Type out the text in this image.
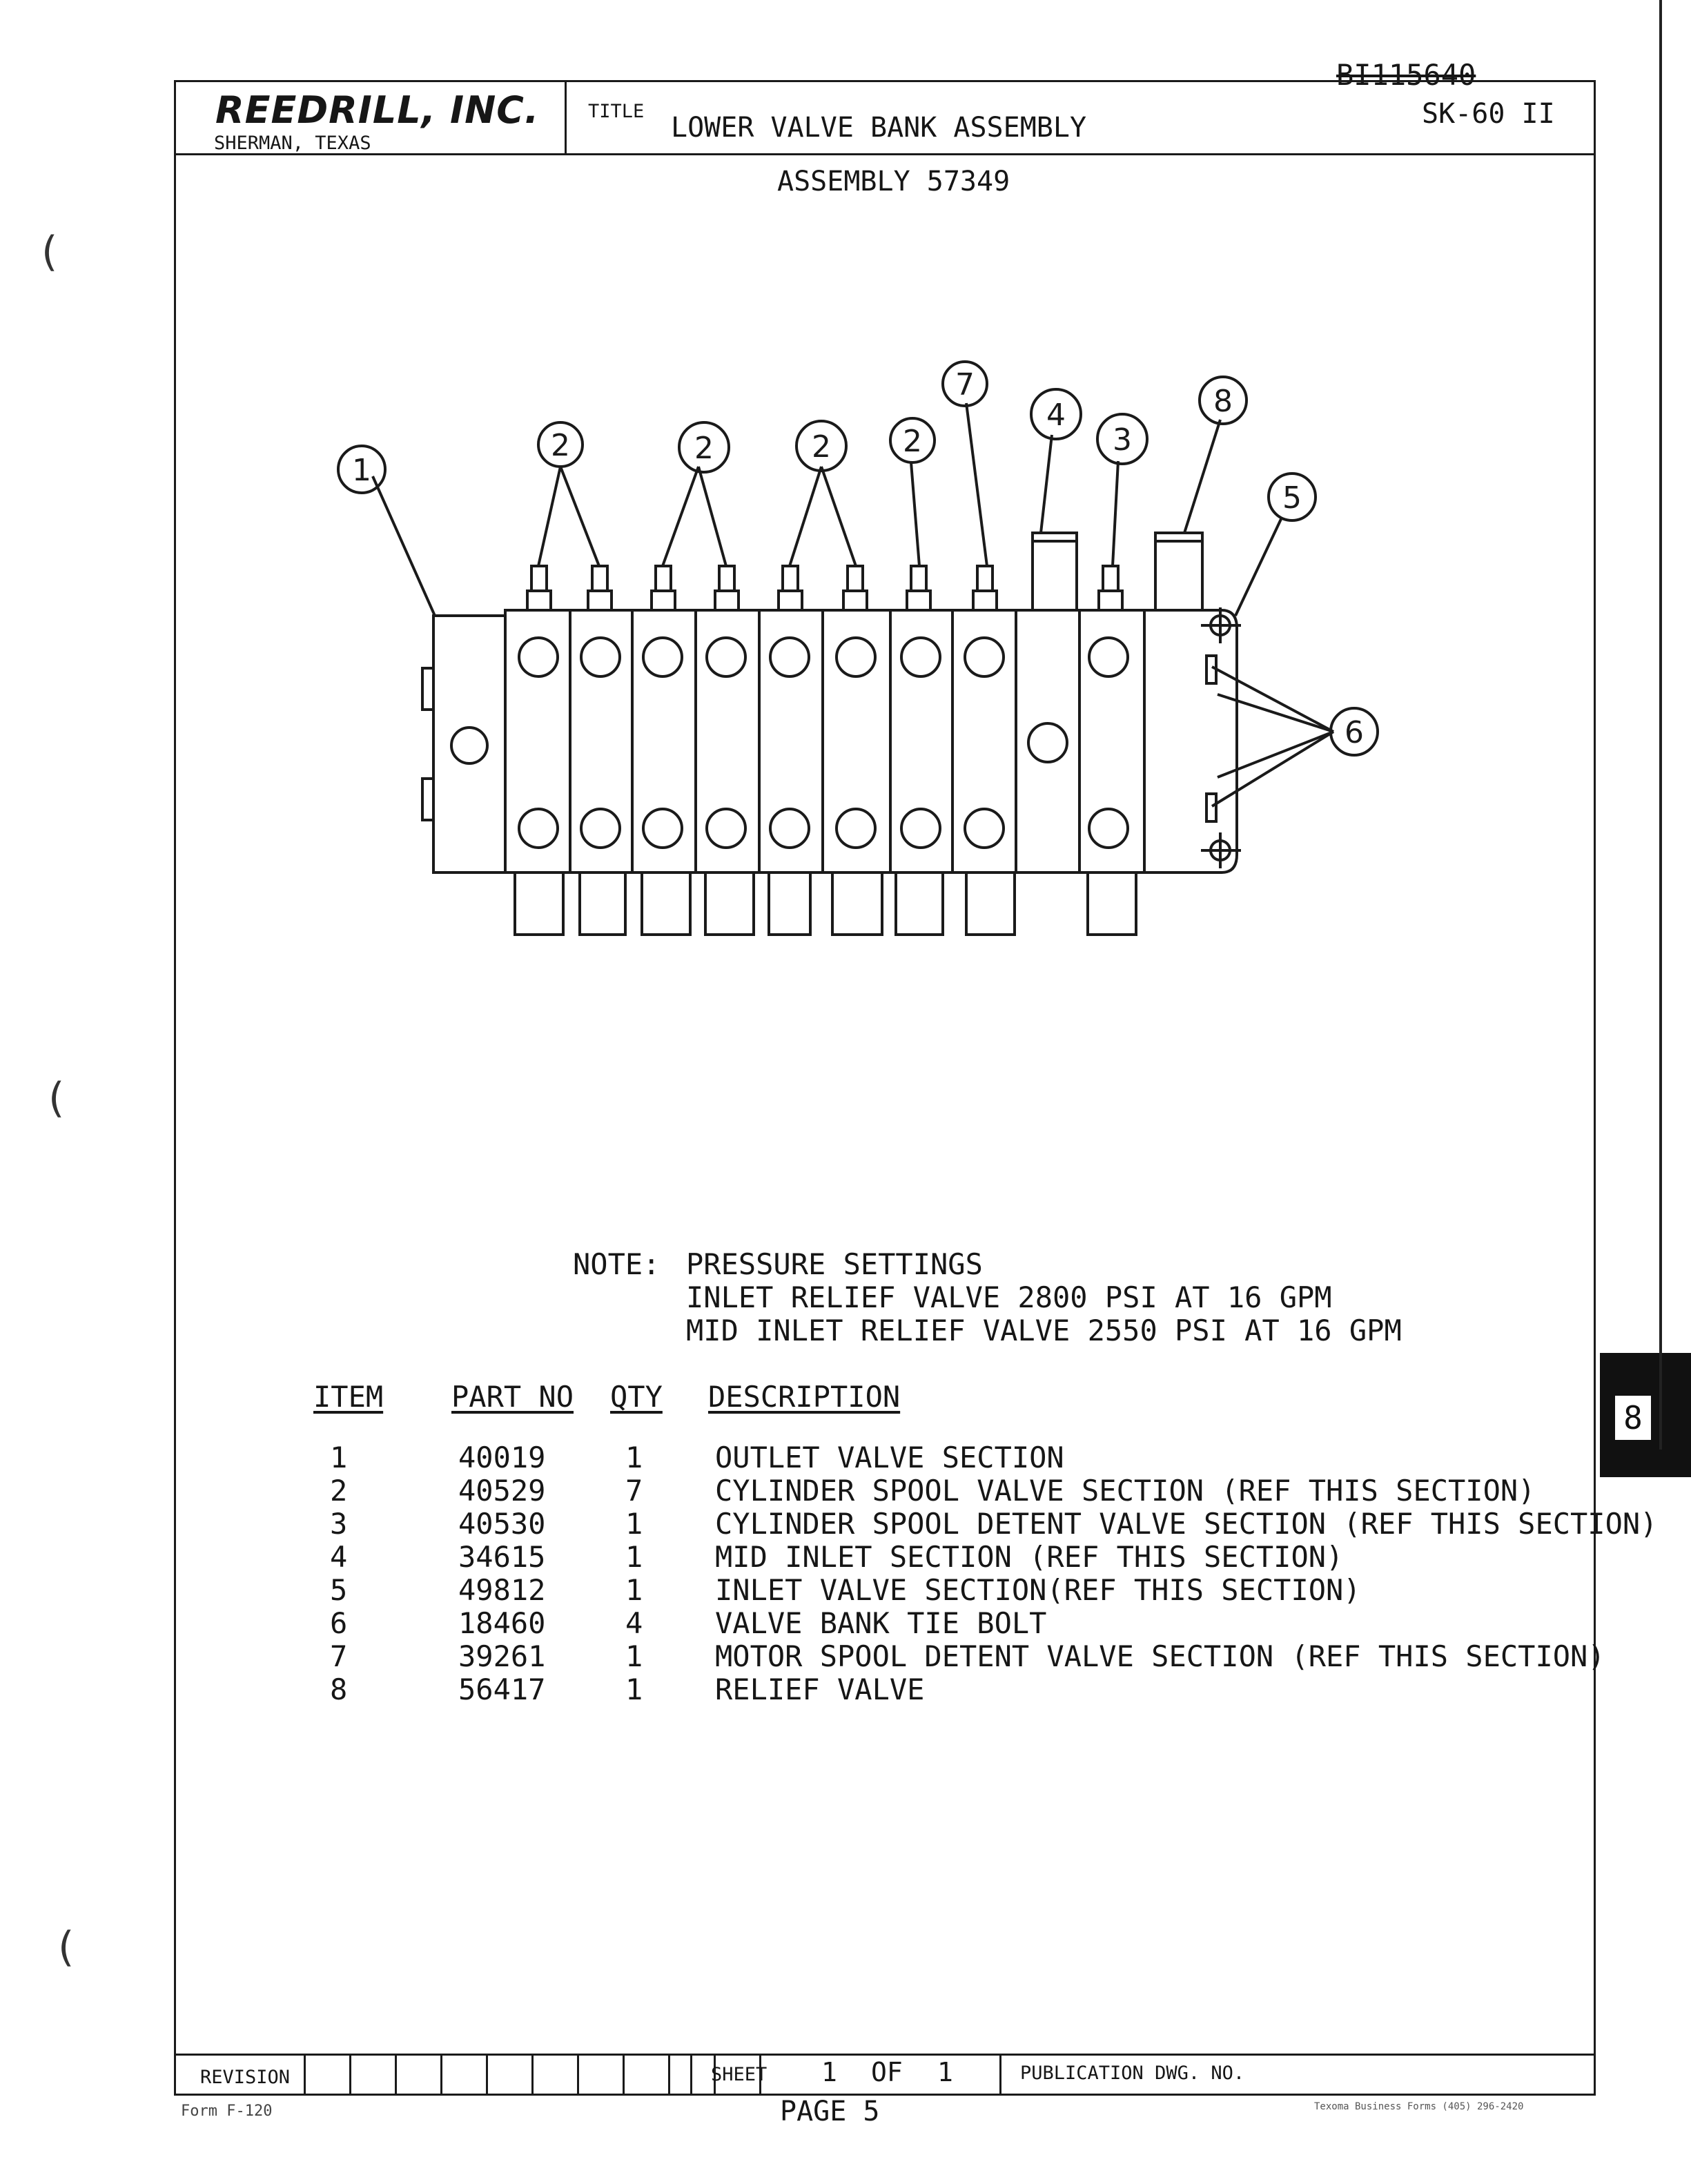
BI115640
REEDRILL, INC.
SHERMAN, TEXAS
TITLE
LOWER VALVE BANK ASSEMBLY	SK-60 II
ASSEMBLY 57349
1
2	2	2 2
7
4
3
8
5
6
NOTE: PRESSURE SETTINGS
INLET RELIEF VALVE 2800 PSI AT 16 GPM
MID INLET RELIEF VALVE 2550 PSI AT 16 GPM
ITEM	PART NO	QTY	DESCRIPTION
1	40019	1	OUTLET VALVE SECTION
2	40529	7	CYLINDER SPOOL VALVE SECTION (REF THIS SECTION)
3	40530	1	CYLINDER SPOOL DETENT VALVE SECTION (REF THIS SECTION)
4	34615	1	MID INLET SECTION (REF THIS SECTION)
5	49812	1	INLET VALVE SECTION(REF THIS SECTION)
6	18460	4	VALVE BANK TIE BOLT
7	39261	1	MOTOR SPOOL DETENT VALVE SECTION (REF THIS SECTION)
8	56417	1	RELIEF VALVE
8
REVISION	SHEET 1 OF 1	PUBLICATION DWG. NO.
Form F-120	PAGE 5	Texoma Business Forms (405) 296-2420
(
(
(
